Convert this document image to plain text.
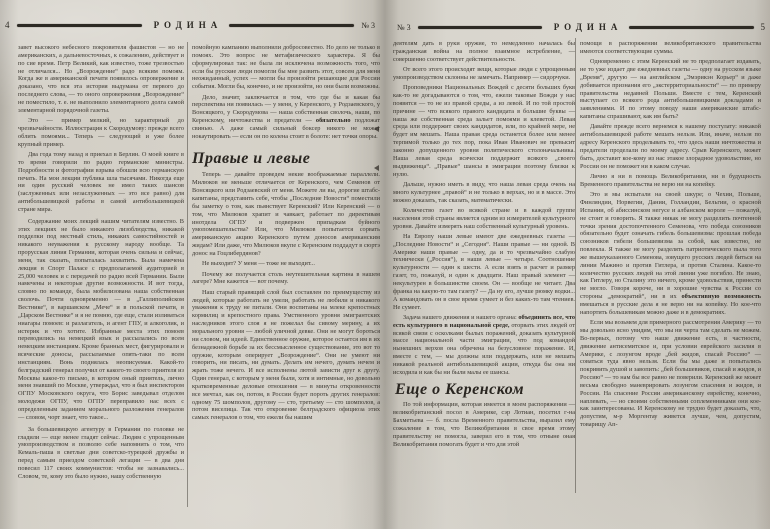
4	РОДИНА	№ 3

завет высокого небесного покровителя фашистов — но не американских, а дальневосточных, к сожалению, действует и по сие время. Петр Великий, как известно, тоже трезвостью не отличался... Но „Возрождение“ радо всяким помоям. Когда же в американской печати появилось опровержение и доказано, что вся эта история выдумана от первого до последнего слова, — то оного опровержения „Возрождение“ не поместило, т. е. не выполнило элементарного долга самой элементарной порядочной газеты.

Это — пример мелкий, но характерный до чрезвычайности. Иллюстрация к Скородумову: прежде всего облить помоями... Теперь — следующий и уже более крупный пример.

Два года тому назад я приехал в Берлин. О моей книге в то время говорили по радио германские министры. Подробности и фотографии взрыва обошли всю германскую печать. На мои лекции публика шла тысячами. Никогда еще ни один русский человек не имел таких шансов (заслуженных или незаслуженных — это все равно) для антибольшевицкой работы в самой антибольшевицкой стране мира.

Содержание моих лекций нашим читателям известно. В этих лекциях не было никакого лизоблюдства, никакой подделки под местный стиль, никаких самостийностей и никакого неуважения к русскому народу вообще. Та прорусская линия Германии, которая очень сильна и сейчас, меня, так сказать, попыталась захватить. Была намечена лекция в Спорт Паласе с предполагаемой аудиторией в 25,000 человек и с передачей по радио всей Германии. Были намечены и некоторые другие возможности. И вот тогда, словно по команде, была мобилизована наша собственная сволочь. Почти одновременно — в „Галлиполийском Вестнике“, в варшавском „Мече“ и в польской печати, в „Царском Вестнике“ и я не помню, где еще, стали изливаться ниагары помоев: и разлагатель, и агент ГПУ, и алкоголик, и истерик и что хотите. Избранные места этих помоев переводились на немецкий язык и рассылались по всем немецким инстанциям. Кроме бранных мест, фигурировали и всяческие доносы, рассылаемые опять-таки по всем инстанциям. Вонь поднялась неописуемая. Какой-то белградский генерал получил от какого-то своего приятеля из Москвы какое-то письмо, в котором оный приятель, лично меня знавший по Москве, утверждал, что я был инспектором ОГПУ Московского округа, что Борис заведывал отделом молодежи ОГПУ, что ОГПУ переправило нас всех с определенным заданием морального разложения генералов — словом, чорт знает, что такое...

За большевицкую агентуру в Германии по головке не гладили — еще менее гладят сейчас. Людям с упрощенным умопроизводством я позволю себе напомнить о том, что Кемаль-паша в светлые дни советско-турецкой дружбы и перед самым приездом советской легации — в два дня повесил 117 своих коммунистов: чтобы не зазнавались... Словом, те, кому это было нужно, нашу собственную

помойную кампанию выполнили добросовестно. Но дело не только в помоях. Это вопрос не метафизического характера. Я бы сформулировал так: не была ли исключена возможность того, что если бы русские люди помогли бы мне развить этот, совсем для меня неожиданный, успех — могли бы произойти решающие для России события. Могли бы, конечно, и не произойти, но они были возможны.

Дело, значит, заключается в том, что где бы и какая бы перспектива ни появилась — у меня, у Керенского, у Родзаевского, у Вонсяцкого, у Скородумова — наша собственная сволочь, наши, по Керенскому, ничтожества и предатели — обязательно подложат свинью. А даже самый сильный боксер никого не может нокаутировать — если он по колена стоит в болоте: нет точки опоры.

Правые и левые

Теперь — давайте проведем некие воображаемые параллели. Милюков не меньше отличается от Керенского, чем Семенов от Вонсяцкого или Родзаевский от меня. Можете ли вы, дорогие штабс-капитаны, представить себе, чтобы „Последние Новости“ поместили бы заметку о том, как пьянствует Керенский? Или Керенский — о том, что Милюков храпит и чавкает, работает по директивам инотдела ОГПУ и подвержен припадкам буйного умопомешательства? Или, что Милюков попытается сорвать американскую акцию Керенского путем доносов американским жидам? Или даже, что Милюков вкупе с Керенским поддадут в сюртэ донос на Гоцлибердянов?

Не выходит? У меня — тоже не выходит...

Почему же получается столь неутешительная картина в нашем лагере? Мне кажется — вот почему.

Наш старый правящий слой был составлен по преимуществу из людей, которые работать не умели, работать не любили и никакого уважения к труду не питали. Они воспитаны на млеке крепостных кормилиц и крепостного права. Умственного уровня эмигрантских наследников этого слоя я не пожелал бы сивому мерину, а их морального уровня — любой уличной девке. Они не могут бороться ни словом, ни идеей. Единственное оружие, которое остается им в их безнадежной борьбе за их бессмысленное существование, это вот то оружие, которым оперирует „Возрождение“. Они не умеют ни говорить, ни писать, ни думать. Делать им нечего, думать нечем и жрать тоже нечего. И все исполнены лютой зависти друг к другу. Один генерал, с которым у меня были, хотя и интимные, но довольно кратковременные деловые отношения — в минуты откровенности все мечтал, как он, потом, в России будет пороть других генералов: одному 75 шомполов, другому — сто, третьему — сто шомполов, а потом виселица. Так что откровение белградского официоза этих самых генералов о том, что ежели бы нашим

№ 3	РОДИНА	5

деятелям дать в руки оружие, то немедленно началась бы гражданская война на полное взаимное истребление, — совершенно соответствует действительности.

От всего этого происходят вещи, которые люди с упрощенным умопроизводством склонны не замечать. Например — сидорчуки.

Проповедники Национальных Вождей с десяти больших букв как-то не догадываются о том, что, ежели таковые Вожди у нас появятся — то не из правой среды, а из левой. И по той простой причине — что всякого правого кандидата в большие буквы — наша же собственная среда зальет помоями и клеветой. Левая среда или поддержит своих кандидатов, или, по крайней мере, не будет им мешать. Наша правая среда останется более или менее терпимой только до тех пор, пока Иван Иванович не превысит законно допущенного уровня политического столоначальника. Наша левая среда всячески поддержит всякого „своего выдвиженца“. „Правые“ шансы в эмиграции поэтому близки к нулю.

Дальше, нужно иметь в виду, что наша левая среда очень на много культурнее „правой“ и не только в верхах, но и в массе. Это можно доказать, так сказать, математически.

Количество газет во всякой стране и в каждой группе населения этой страны является одним из измерителей культурного уровня. Давайте измерять наш собственный культурный уровень.

На Европу наши левые имеют две ежедневных газеты — „Последние Новости“ и „Сегодня“. Наши правые — ни одной. В Америке наши правые — одну, да и то чрезвычайно слабую технически („Россия“), и наши левые — четыре. Соотношение культурности — один к шести. А если взять в расчет и размер газет, то, пожалуй, и один к двадцати. Наш правый элемент — некультурен в большинстве своем. Он — вообще не читает. Два франка на какую-то там газету? — Да ну его, лучше рюмку водки... А командовать он в свое время сумеет и без каких-то там чтениев. Не сумеет.

Задача нашего движения и нашего органа: объединить все, что есть культурного в национальной среде, оторвать этих людей от всякой связи с осколками былых поражений, доказать культурной массе национальной части эмиграции, что под командой нынешних верхов она обречена на безусловное поражение. И, вместе с тем, — мы должны или поддержать, или не мешать никакой реальной антибольшевицкой акции, откуда бы она ни исходила и как бы ни были малы ее шансы.

Еще о Керенском

По той информации, которая имеется в моем распоряжении — великобританский посол в Америке, сэр Лотиан, посетил г-на Бахметьева — б. посла Временного правительства, выразил ему сожаление в том, что Великобритания в свое время этому правительству не помогла, заверил его в том, что отныне оная Великобритания помогать будет и что для этой

помощи в распоряжении великобританского правительства имеются соответствующие суммы.

Одновременно с этим Керенский не то предполагает издавать, не то уже издает две ежедневных газеты — одну на русском языке „Время“, другую — на английском „Эмэрикэн Корьер“ и даже добивается признания его „экстерриториальности“ — по примеру правительства недавней Польши. Вместе с тем, Керенский выступает со всякого рода антибольшевицкими докладами и заявлениями. И по этому поводу наши американские штабс-капитаны спрашивают, как им быть?

Давайте прежде всего вернемся к нашему постулату: никакой антибольшевицкой работе мешать нельзя. Или, иначе, нельзя по адресу Керенского проделывать то, что здесь наши ничтожества и предатели проделали по моему адресу. Срыв Керенского, может быть, доставит кое-кому из нас этакое злорадное удовольствие, но России он не поможет ни в каком случае.

Лично я ни в помощь Великобритании, ни в будущность Временного правительства не верю ни на копейку.

Это и мы испытали на своей шкуре; о Чехии, Польше, Финляндии, Норвегии, Дании, Голландии, Бельгии, о красной Испании, об абиссинском негусе и албанском короле — пожалуй, не стоит и говорить. Я также никак не могу разделить почтенной точки зрения достопочтенного Семенова, что победа союзников обязательно будет означать гибель большевизма: прошлая победа союзников гибели большевизма за собой, как известно, не повлекла. Я также не могу разделять патриотического пыла того же вышеуказанного Семенова, зовущего русских людей биться на линии Мажино и против Гитлера, и против Сталина. Какое-то количество русских людей на этой линии уже погибло. Не знаю, как Гитлеру, но Сталину это ничего, кроме удовольствия, принести не могло. Говоря короче, ни в хорошие чувства к России со стороны „демократий“, ни в их объективную возможность вмешаться в русские дела я не верю ни на копейку. Но кое-что напортить большевикам можно даже и в демократиях.

Если мы возьмем для примерного рассмотрения Америку — то мы довольно ясно увидим, что мы ни черта там сделать не можем. Во-первых, потому что наше движение есть, в частности, движение антисемитское и, при условии еврейского засилия в Америке, с лозунгом вроде „бей жидов, спасай Россию“ — соваться туда явно нельзя. Если бы мы даже и попытались покривить душой и завопить: „бей большевиков, спасай и жидов, и Россию“ — то нам бы все равно не поверили. Керенский же может весьма свободно маневрировать лозунгом спасения и жидов, и России. На спасение России американскому еврейству, конечно, наплевать, — но своими собственными соплеменниками они кое-как заинтересованы. И Керенскому не трудно будет доказать, что, допустим, м-р Моргентау живется лучше, чем, допустим, товарищу Ап-
